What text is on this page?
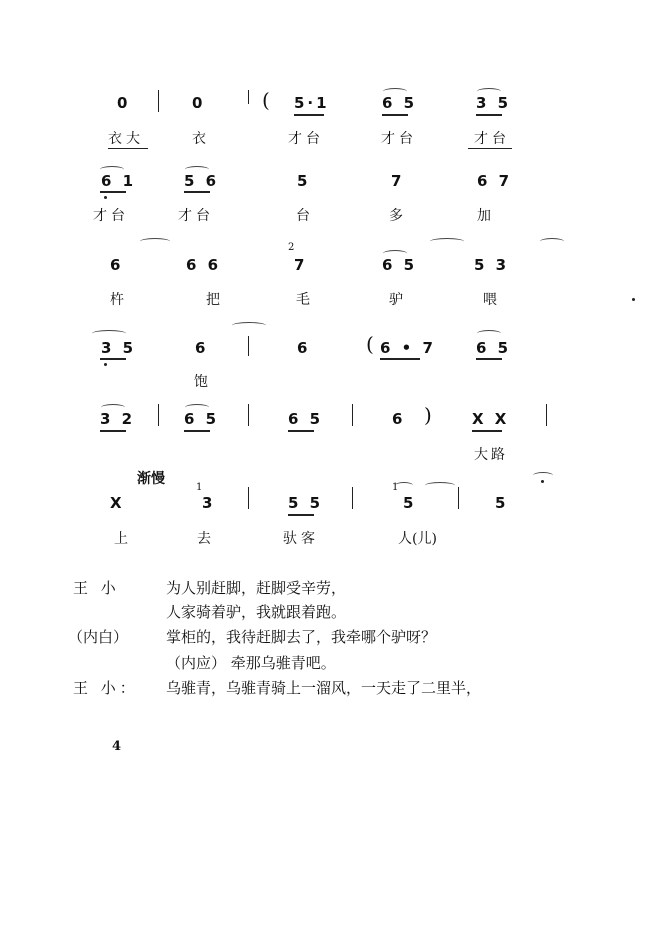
0	0	( 5·1	6 5	3 5
衣大	衣	才台	才台	才台
6 1	5 6	5	7	6 7
才台	才台	台	多	加
6	6 6
2
7	6 5	5 3
杵	把	毛	驴	喂
3 5	6	6	( 6 • 7	6 5
饱
3 2	6 5	6 5	6 )	X X
大路
渐慢
X
1
3	5 5
1
5	5
上	去	驮客	人(儿)
王 小	为人别赶脚，赶脚受辛劳，
人家骑着驴，我就跟着跑。
（内白）	掌柜的，我待赶脚去了，我牵哪个驴呀？
（内应） 牵那乌骓青吧。
王 小： 乌骓青，乌骓青骑上一溜风，一天走了二里半，
4
